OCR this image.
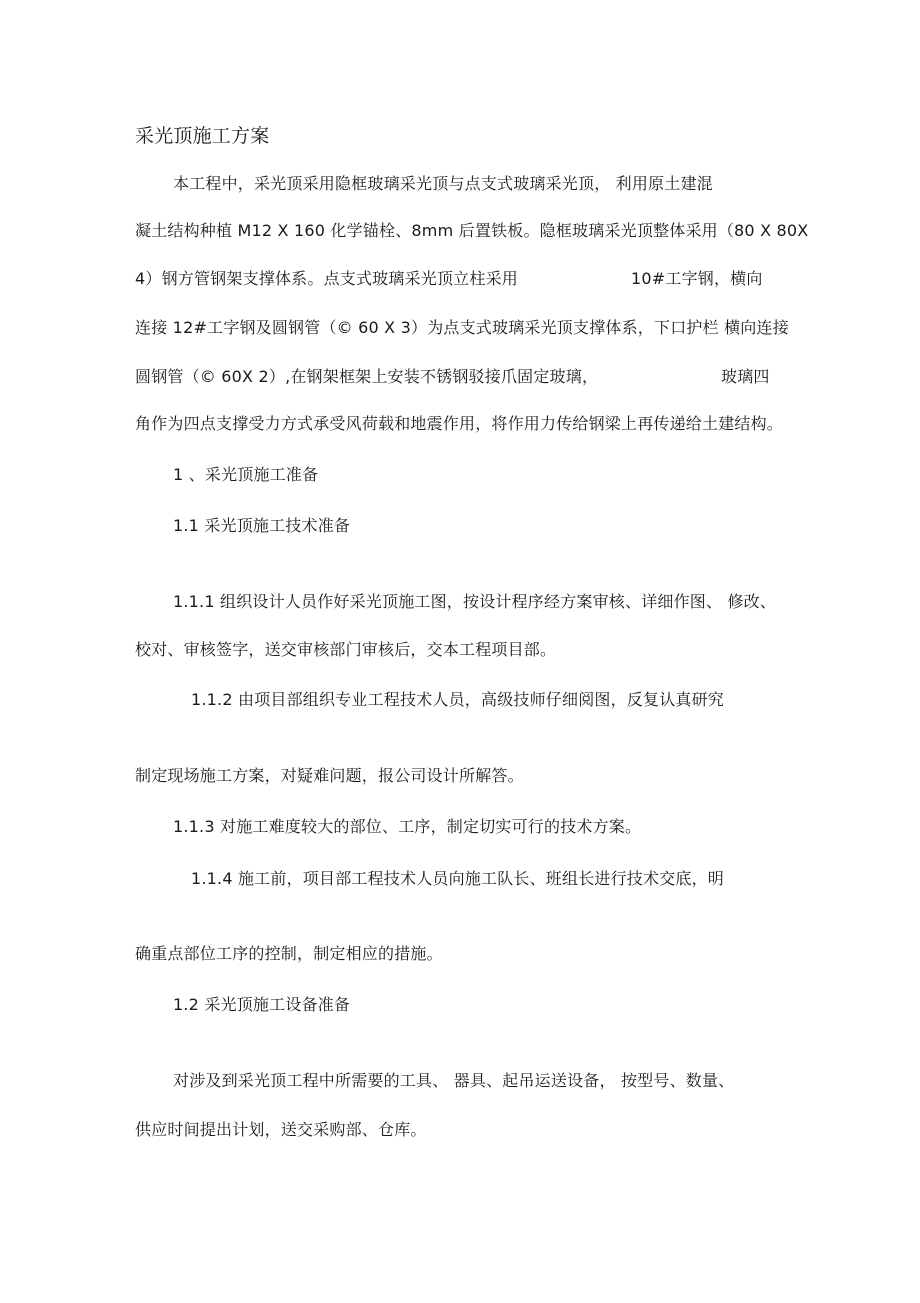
采光顶施工方案
本工程中，采光顶采用隐框玻璃采光顶与点支式玻璃采光顶， 利用原土建混
凝土结构种植 M12 X 160 化学锚栓、8mm 后置铁板。隐框玻璃采光顶整体采用（80 X 80X
4）钢方管钢架支撑体系。点支式玻璃采光顶立柱采用	10#工字钢，横向
连接 12#工字钢及圆钢管（© 60 X 3）为点支式玻璃采光顶支撑体系，下口护栏 横向连接
圆钢管（© 60X 2）,在钢架框架上安装不锈钢驳接爪固定玻璃，	玻璃四
角作为四点支撑受力方式承受风荷载和地震作用，将作用力传给钢梁上再传递给土建结构。
1 、采光顶施工准备
1.1 采光顶施工技术准备
1.1.1 组织设计人员作好采光顶施工图，按设计程序经方案审核、详细作图、 修改、
校对、审核签字，送交审核部门审核后，交本工程项目部。
1.1.2 由项目部组织专业工程技术人员，高级技师仔细阅图，反复认真研究
制定现场施工方案，对疑难问题，报公司设计所解答。
1.1.3 对施工难度较大的部位、工序，制定切实可行的技术方案。
1.1.4 施工前，项目部工程技术人员向施工队长、班组长进行技术交底，明
确重点部位工序的控制，制定相应的措施。
1.2 采光顶施工设备准备
对涉及到采光顶工程中所需要的工具、 器具、起吊运送设备， 按型号、数量、
供应时间提出计划，送交采购部、仓库。
